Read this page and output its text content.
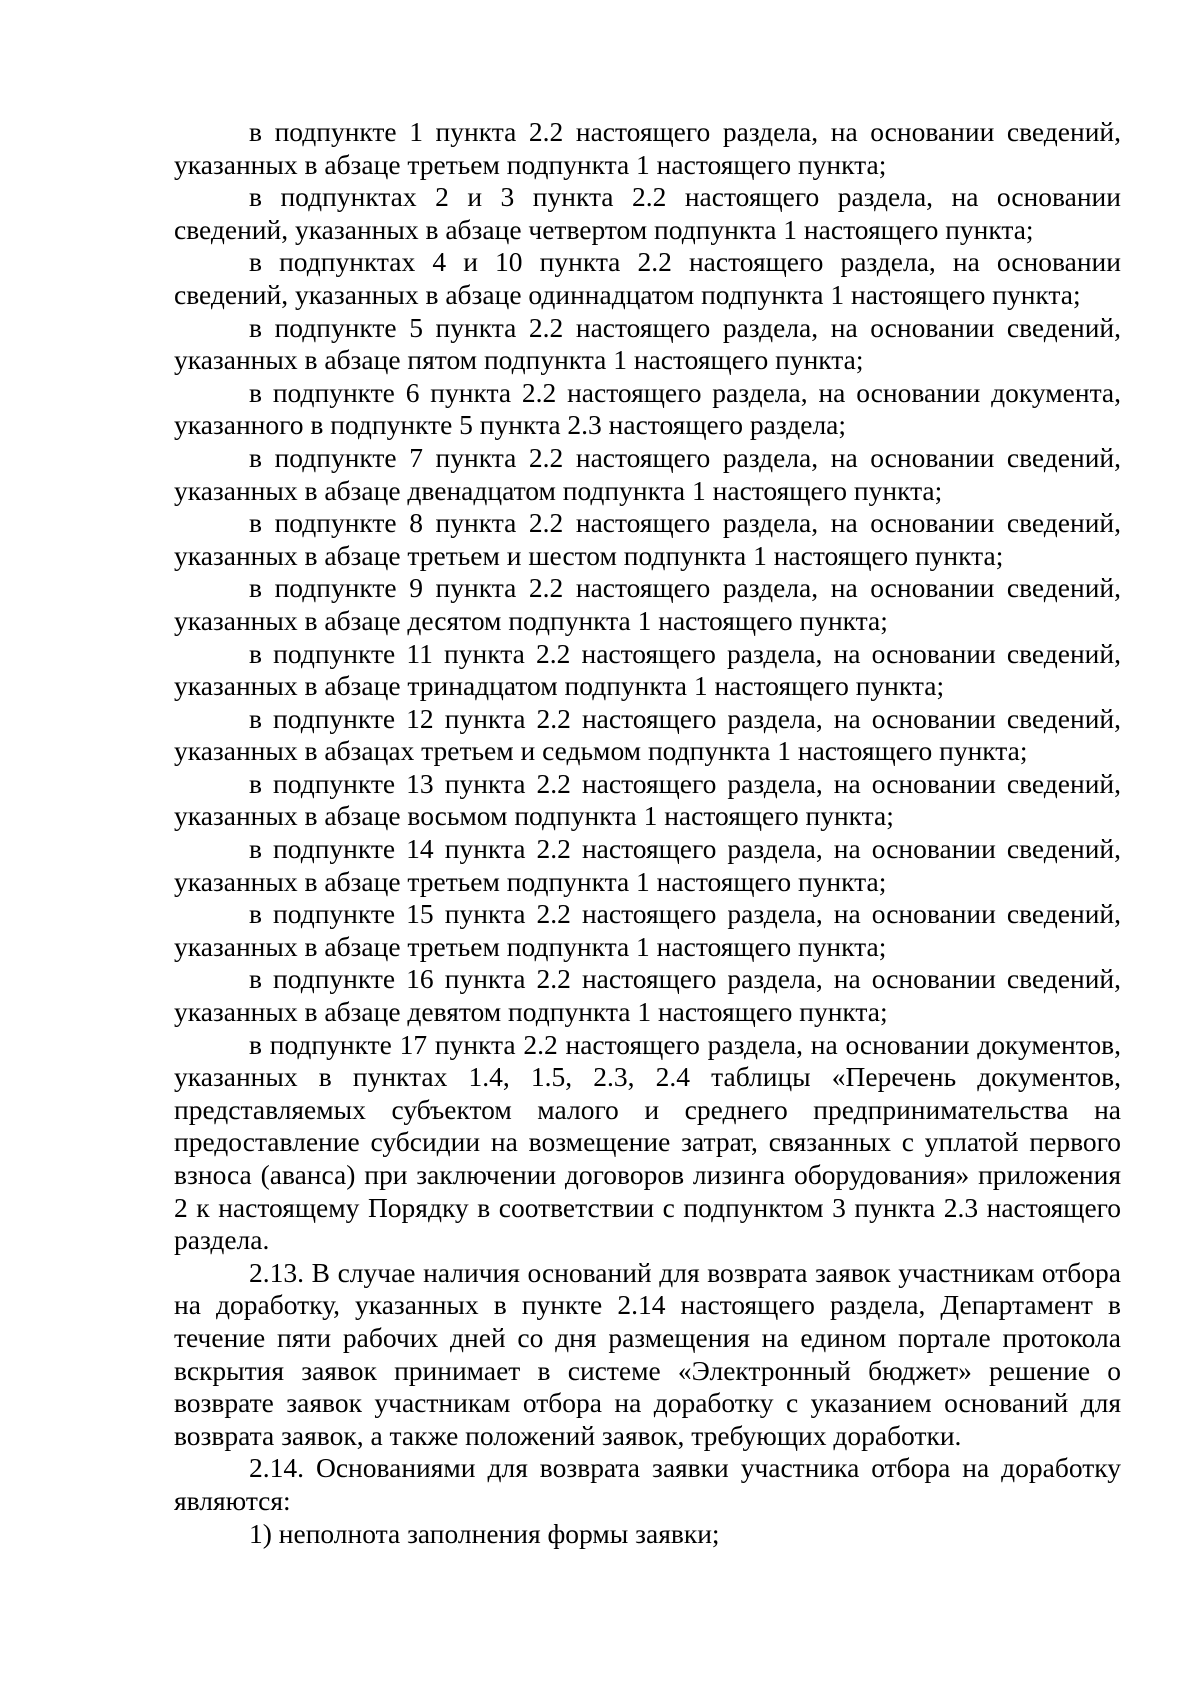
в подпункте 1 пункта 2.2 настоящего раздела, на основании сведений, указанных в абзаце третьем подпункта 1 настоящего пункта;

в подпунктах 2 и 3 пункта 2.2 настоящего раздела, на основании сведений, указанных в абзаце четвертом подпункта 1 настоящего пункта;

в подпунктах 4 и 10 пункта 2.2 настоящего раздела, на основании сведений, указанных в абзаце одиннадцатом подпункта 1 настоящего пункта;

в подпункте 5 пункта 2.2 настоящего раздела, на основании сведений, указанных в абзаце пятом подпункта 1 настоящего пункта;

в подпункте 6 пункта 2.2 настоящего раздела, на основании документа, указанного в подпункте 5 пункта 2.3 настоящего раздела;

в подпункте 7 пункта 2.2 настоящего раздела, на основании сведений, указанных в абзаце двенадцатом подпункта 1 настоящего пункта;

в подпункте 8 пункта 2.2 настоящего раздела, на основании сведений, указанных в абзаце третьем и шестом подпункта 1 настоящего пункта;

в подпункте 9 пункта 2.2 настоящего раздела, на основании сведений, указанных в абзаце десятом подпункта 1 настоящего пункта;

в подпункте 11 пункта 2.2 настоящего раздела, на основании сведений, указанных в абзаце тринадцатом подпункта 1 настоящего пункта;

в подпункте 12 пункта 2.2 настоящего раздела, на основании сведений, указанных в абзацах третьем и седьмом подпункта 1 настоящего пункта;

в подпункте 13 пункта 2.2 настоящего раздела, на основании сведений, указанных в абзаце восьмом подпункта 1 настоящего пункта;

в подпункте 14 пункта 2.2 настоящего раздела, на основании сведений, указанных в абзаце третьем подпункта 1 настоящего пункта;

в подпункте 15 пункта 2.2 настоящего раздела, на основании сведений, указанных в абзаце третьем подпункта 1 настоящего пункта;

в подпункте 16 пункта 2.2 настоящего раздела, на основании сведений, указанных в абзаце девятом подпункта 1 настоящего пункта;

в подпункте 17 пункта 2.2 настоящего раздела, на основании документов, указанных в пунктах 1.4, 1.5, 2.3, 2.4 таблицы «Перечень документов, представляемых субъектом малого и среднего предпринимательства на предоставление субсидии на возмещение затрат, связанных с уплатой первого взноса (аванса) при заключении договоров лизинга оборудования» приложения 2 к настоящему Порядку в соответствии с подпунктом 3 пункта 2.3 настоящего раздела.

2.13. В случае наличия оснований для возврата заявок участникам отбора на доработку, указанных в пункте 2.14 настоящего раздела, Департамент в течение пяти рабочих дней со дня размещения на едином портале протокола вскрытия заявок принимает в системе «Электронный бюджет» решение о возврате заявок участникам отбора на доработку с указанием оснований для возврата заявок, а также положений заявок, требующих доработки.

2.14. Основаниями для возврата заявки участника отбора на доработку являются:

1) неполнота заполнения формы заявки;
